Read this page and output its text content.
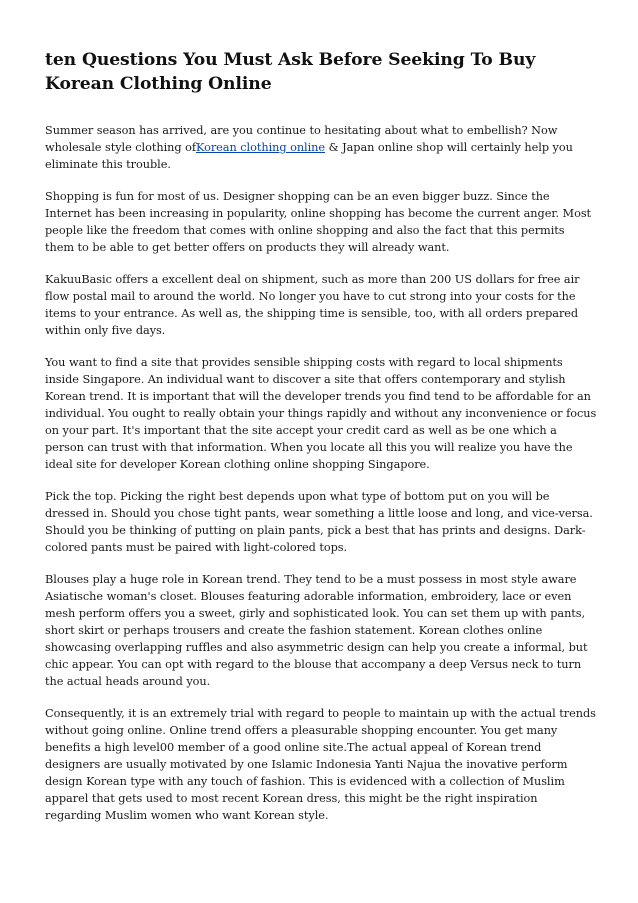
ten Questions You Must Ask Before Seeking To Buy Korean Clothing Online

Summer season has arrived, are you continue to hesitating about what to embellish? Now wholesale style clothing ofKorean clothing online & Japan online shop will certainly help you eliminate this trouble.

Shopping is fun for most of us. Designer shopping can be an even bigger buzz. Since the Internet has been increasing in popularity, online shopping has become the current anger. Most people like the freedom that comes with online shopping and also the fact that this permits them to be able to get better offers on products they will already want.

KakuuBasic offers a excellent deal on shipment, such as more than 200 US dollars for free air flow postal mail to around the world. No longer you have to cut strong into your costs for the items to your entrance. As well as, the shipping time is sensible, too, with all orders prepared within only five days.

You want to find a site that provides sensible shipping costs with regard to local shipments inside Singapore. An individual want to discover a site that offers contemporary and stylish Korean trend. It is important that will the developer trends you find tend to be affordable for an individual. You ought to really obtain your things rapidly and without any inconvenience or focus on your part. It's important that the site accept your credit card as well as be one which a person can trust with that information. When you locate all this you will realize you have the ideal site for developer Korean clothing online shopping Singapore.

Pick the top. Picking the right best depends upon what type of bottom put on you will be dressed in. Should you chose tight pants, wear something a little loose and long, and vice-versa. Should you be thinking of putting on plain pants, pick a best that has prints and designs. Dark-colored pants must be paired with light-colored tops.

Blouses play a huge role in Korean trend. They tend to be a must possess in most style aware Asiatische woman's closet. Blouses featuring adorable information, embroidery, lace or even mesh perform offers you a sweet, girly and sophisticated look. You can set them up with pants, short skirt or perhaps trousers and create the fashion statement. Korean clothes online showcasing overlapping ruffles and also asymmetric design can help you create a informal, but chic appear. You can opt with regard to the blouse that accompany a deep Versus neck to turn the actual heads around you.

Consequently, it is an extremely trial with regard to people to maintain up with the actual trends without going online. Online trend offers a pleasurable shopping encounter. You get many benefits a high level00 member of a good online site.The actual appeal of Korean trend designers are usually motivated by one Islamic Indonesia Yanti Najua the inovative perform design Korean type with any touch of fashion. This is evidenced with a collection of Muslim apparel that gets used to most recent Korean dress, this might be the right inspiration regarding Muslim women who want Korean style.
